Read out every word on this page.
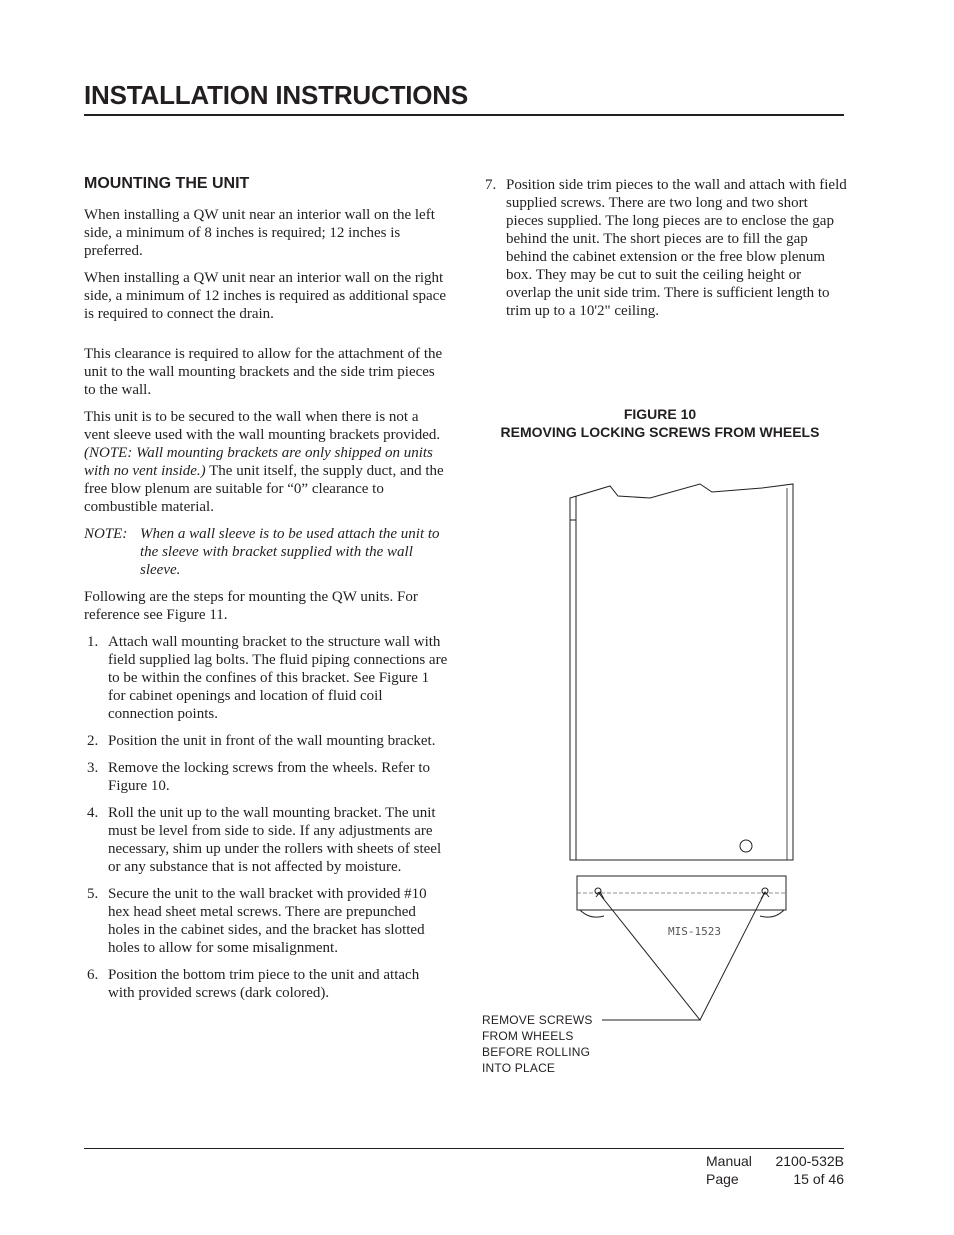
INSTALLATION INSTRUCTIONS
MOUNTING THE UNIT

When installing a QW unit near an interior wall on the left side, a minimum of 8 inches is required; 12 inches is preferred.

When installing a QW unit near an interior wall on the right side, a minimum of 12 inches is required as additional space is required to connect the drain.

This clearance is required to allow for the attachment of the unit to the wall mounting brackets and the side trim pieces to the wall.

This unit is to be secured to the wall when there is not a vent sleeve used with the wall mounting brackets provided. (NOTE: Wall mounting brackets are only shipped on units with no vent inside.) The unit itself, the supply duct, and the free blow plenum are suitable for “0” clearance to combustible material.

NOTE: When a wall sleeve is to be used attach the unit to the sleeve with bracket supplied with the wall sleeve.

Following are the steps for mounting the QW units. For reference see Figure 11.

1. Attach wall mounting bracket to the structure wall with field supplied lag bolts. The fluid piping connections are to be within the confines of this bracket. See Figure 1 for cabinet openings and location of fluid coil connection points.
2. Position the unit in front of the wall mounting bracket.
3. Remove the locking screws from the wheels. Refer to Figure 10.
4. Roll the unit up to the wall mounting bracket. The unit must be level from side to side. If any adjustments are necessary, shim up under the rollers with sheets of steel or any substance that is not affected by moisture.
5. Secure the unit to the wall bracket with provided #10 hex head sheet metal screws. There are prepunched holes in the cabinet sides, and the bracket has slotted holes to allow for some misalignment.
6. Position the bottom trim piece to the unit and attach with provided screws (dark colored).
7. Position side trim pieces to the wall and attach with field supplied screws. There are two long and two short pieces supplied. The long pieces are to enclose the gap behind the unit. The short pieces are to fill the gap behind the cabinet extension or the free blow plenum box. They may be cut to suit the ceiling height or overlap the unit side trim. There is sufficient length to trim up to a 10'2" ceiling.
FIGURE 10
REMOVING LOCKING SCREWS FROM WHEELS
MIS-1523
REMOVE SCREWS
FROM WHEELS
BEFORE ROLLING
INTO PLACE
Manual 2100-532B
Page	15 of 46
